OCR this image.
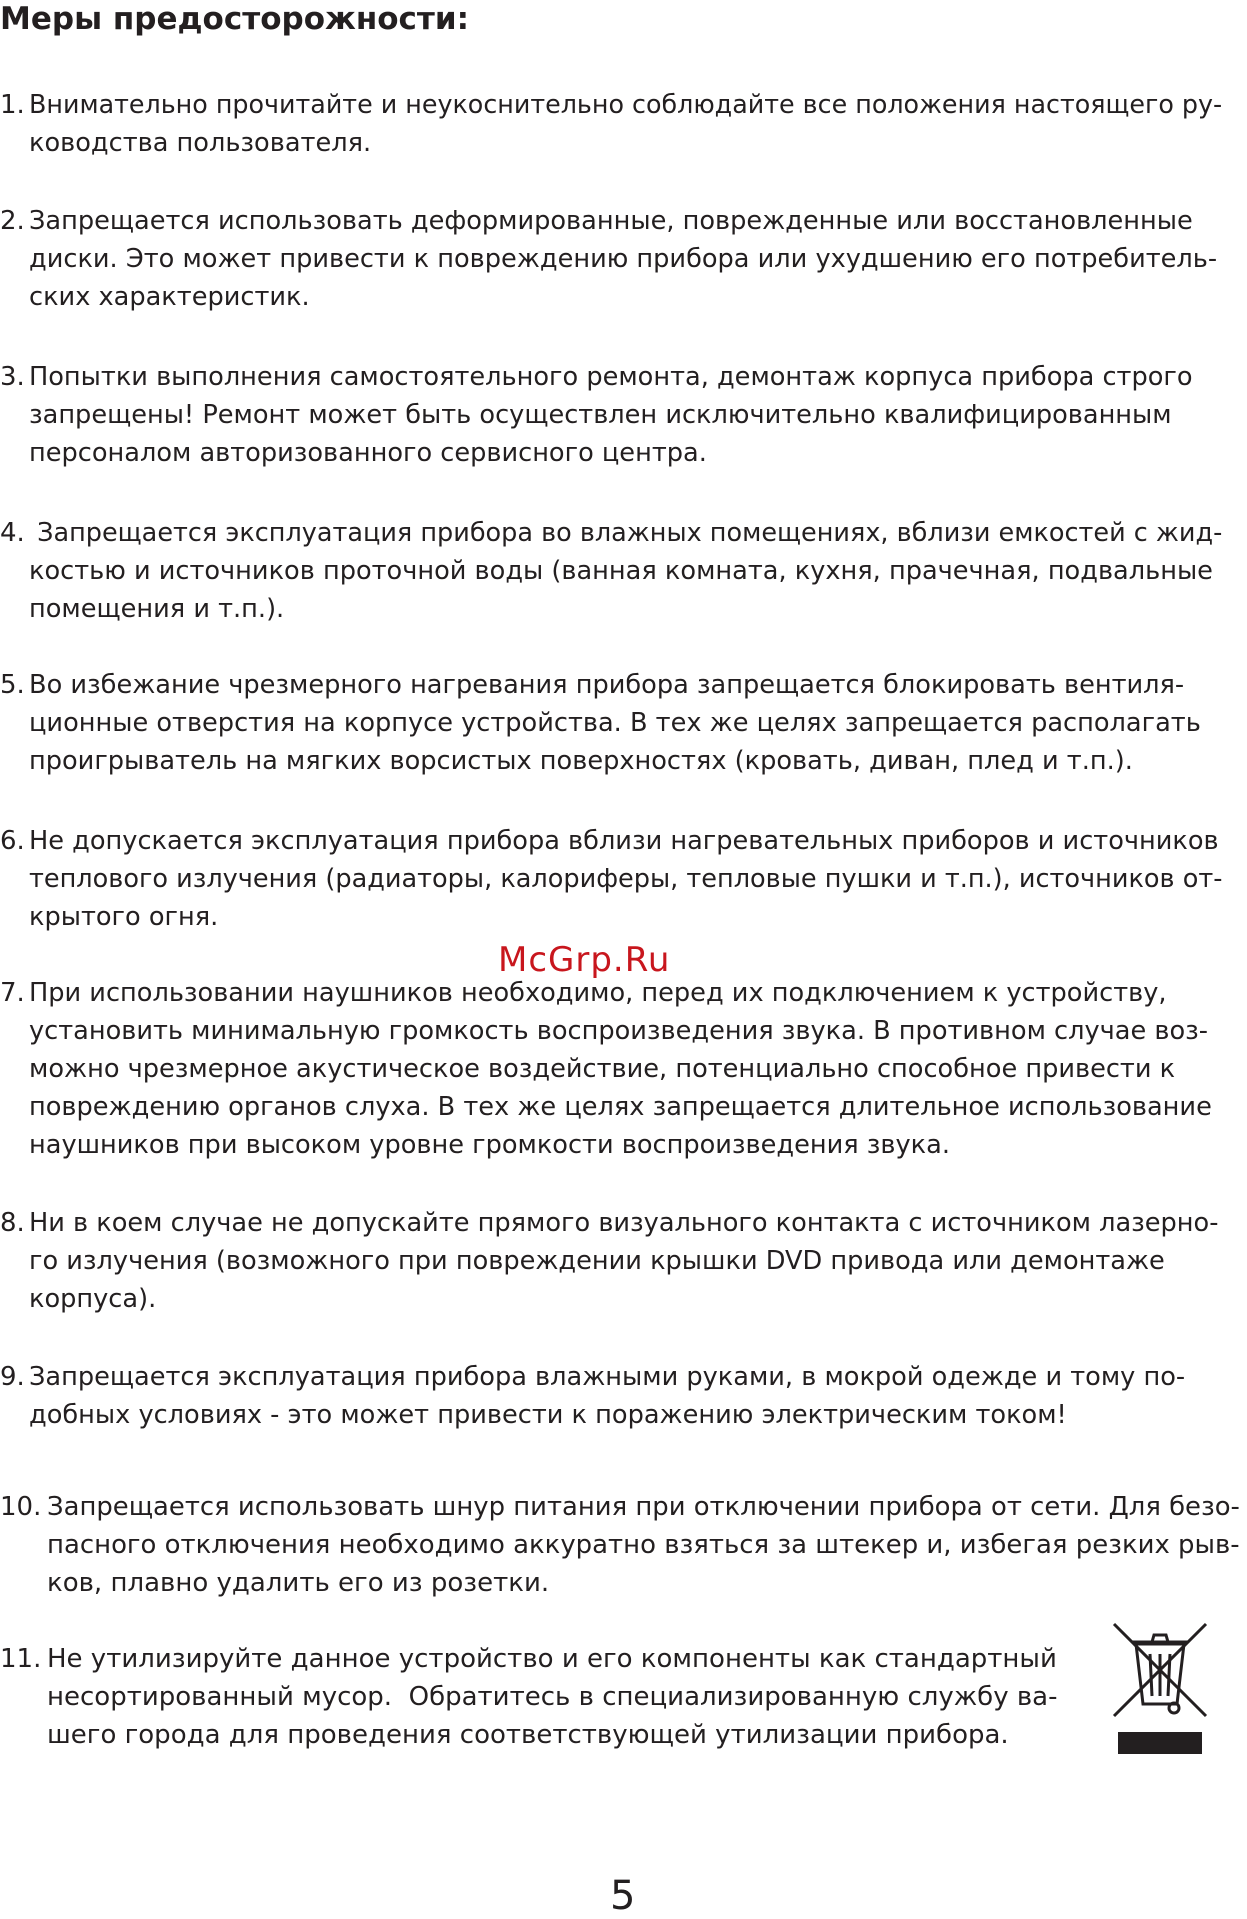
Меры предосторожности:
1. Внимательно прочитайте и неукоснительно соблюдайте все положения настоящего ру-
ководства пользователя.
2. Запрещается использовать деформированные, поврежденные или восстановленные
диски. Это может привести к повреждению прибора или ухудшению его потребитель-
ских характеристик.
3. Попытки выполнения самостоятельного ремонта, демонтаж корпуса прибора строго
запрещены! Ремонт может быть осуществлен исключительно квалифицированным
персоналом авторизованного сервисного центра.
4. Запрещается эксплуатация прибора во влажных помещениях, вблизи емкостей с жид-
костью и источников проточной воды (ванная комната, кухня, прачечная, подвальные
помещения и т.п.).
5. Во избежание чрезмерного нагревания прибора запрещается блокировать вентиля-
ционные отверстия на корпусе устройства. В тех же целях запрещается располагать
проигрыватель на мягких ворсистых поверхностях (кровать, диван, плед и т.п.).
6. Не допускается эксплуатация прибора вблизи нагревательных приборов и источников
теплового излучения (радиаторы, калориферы, тепловые пушки и т.п.), источников от-
крытого огня.
7. При использовании наушников необходимо, перед их подключением к устройству,
установить минимальную громкость воспроизведения звука. В противном случае воз-
можно чрезмерное акустическое воздействие, потенциально способное привести к
повреждению органов слуха. В тех же целях запрещается длительное использование
наушников при высоком уровне громкости воспроизведения звука.
8. Ни в коем случае не допускайте прямого визуального контакта с источником лазерно-
го излучения (возможного при повреждении крышки DVD привода или демонтаже
корпуса).
9. Запрещается эксплуатация прибора влажными руками, в мокрой одежде и тому по-
добных условиях - это может привести к поражению электрическим током!
10. Запрещается использовать шнур питания при отключении прибора от сети. Для безо-
пасного отключения необходимо аккуратно взяться за штекер и, избегая резких рыв-
ков, плавно удалить его из розетки.
11. Не утилизируйте данное устройство и его компоненты как стандартный
несортированный мусор.  Обратитесь в специализированную службу ва-
шего города для проведения соответствующей утилизации прибора.
McGrp.Ru
5
